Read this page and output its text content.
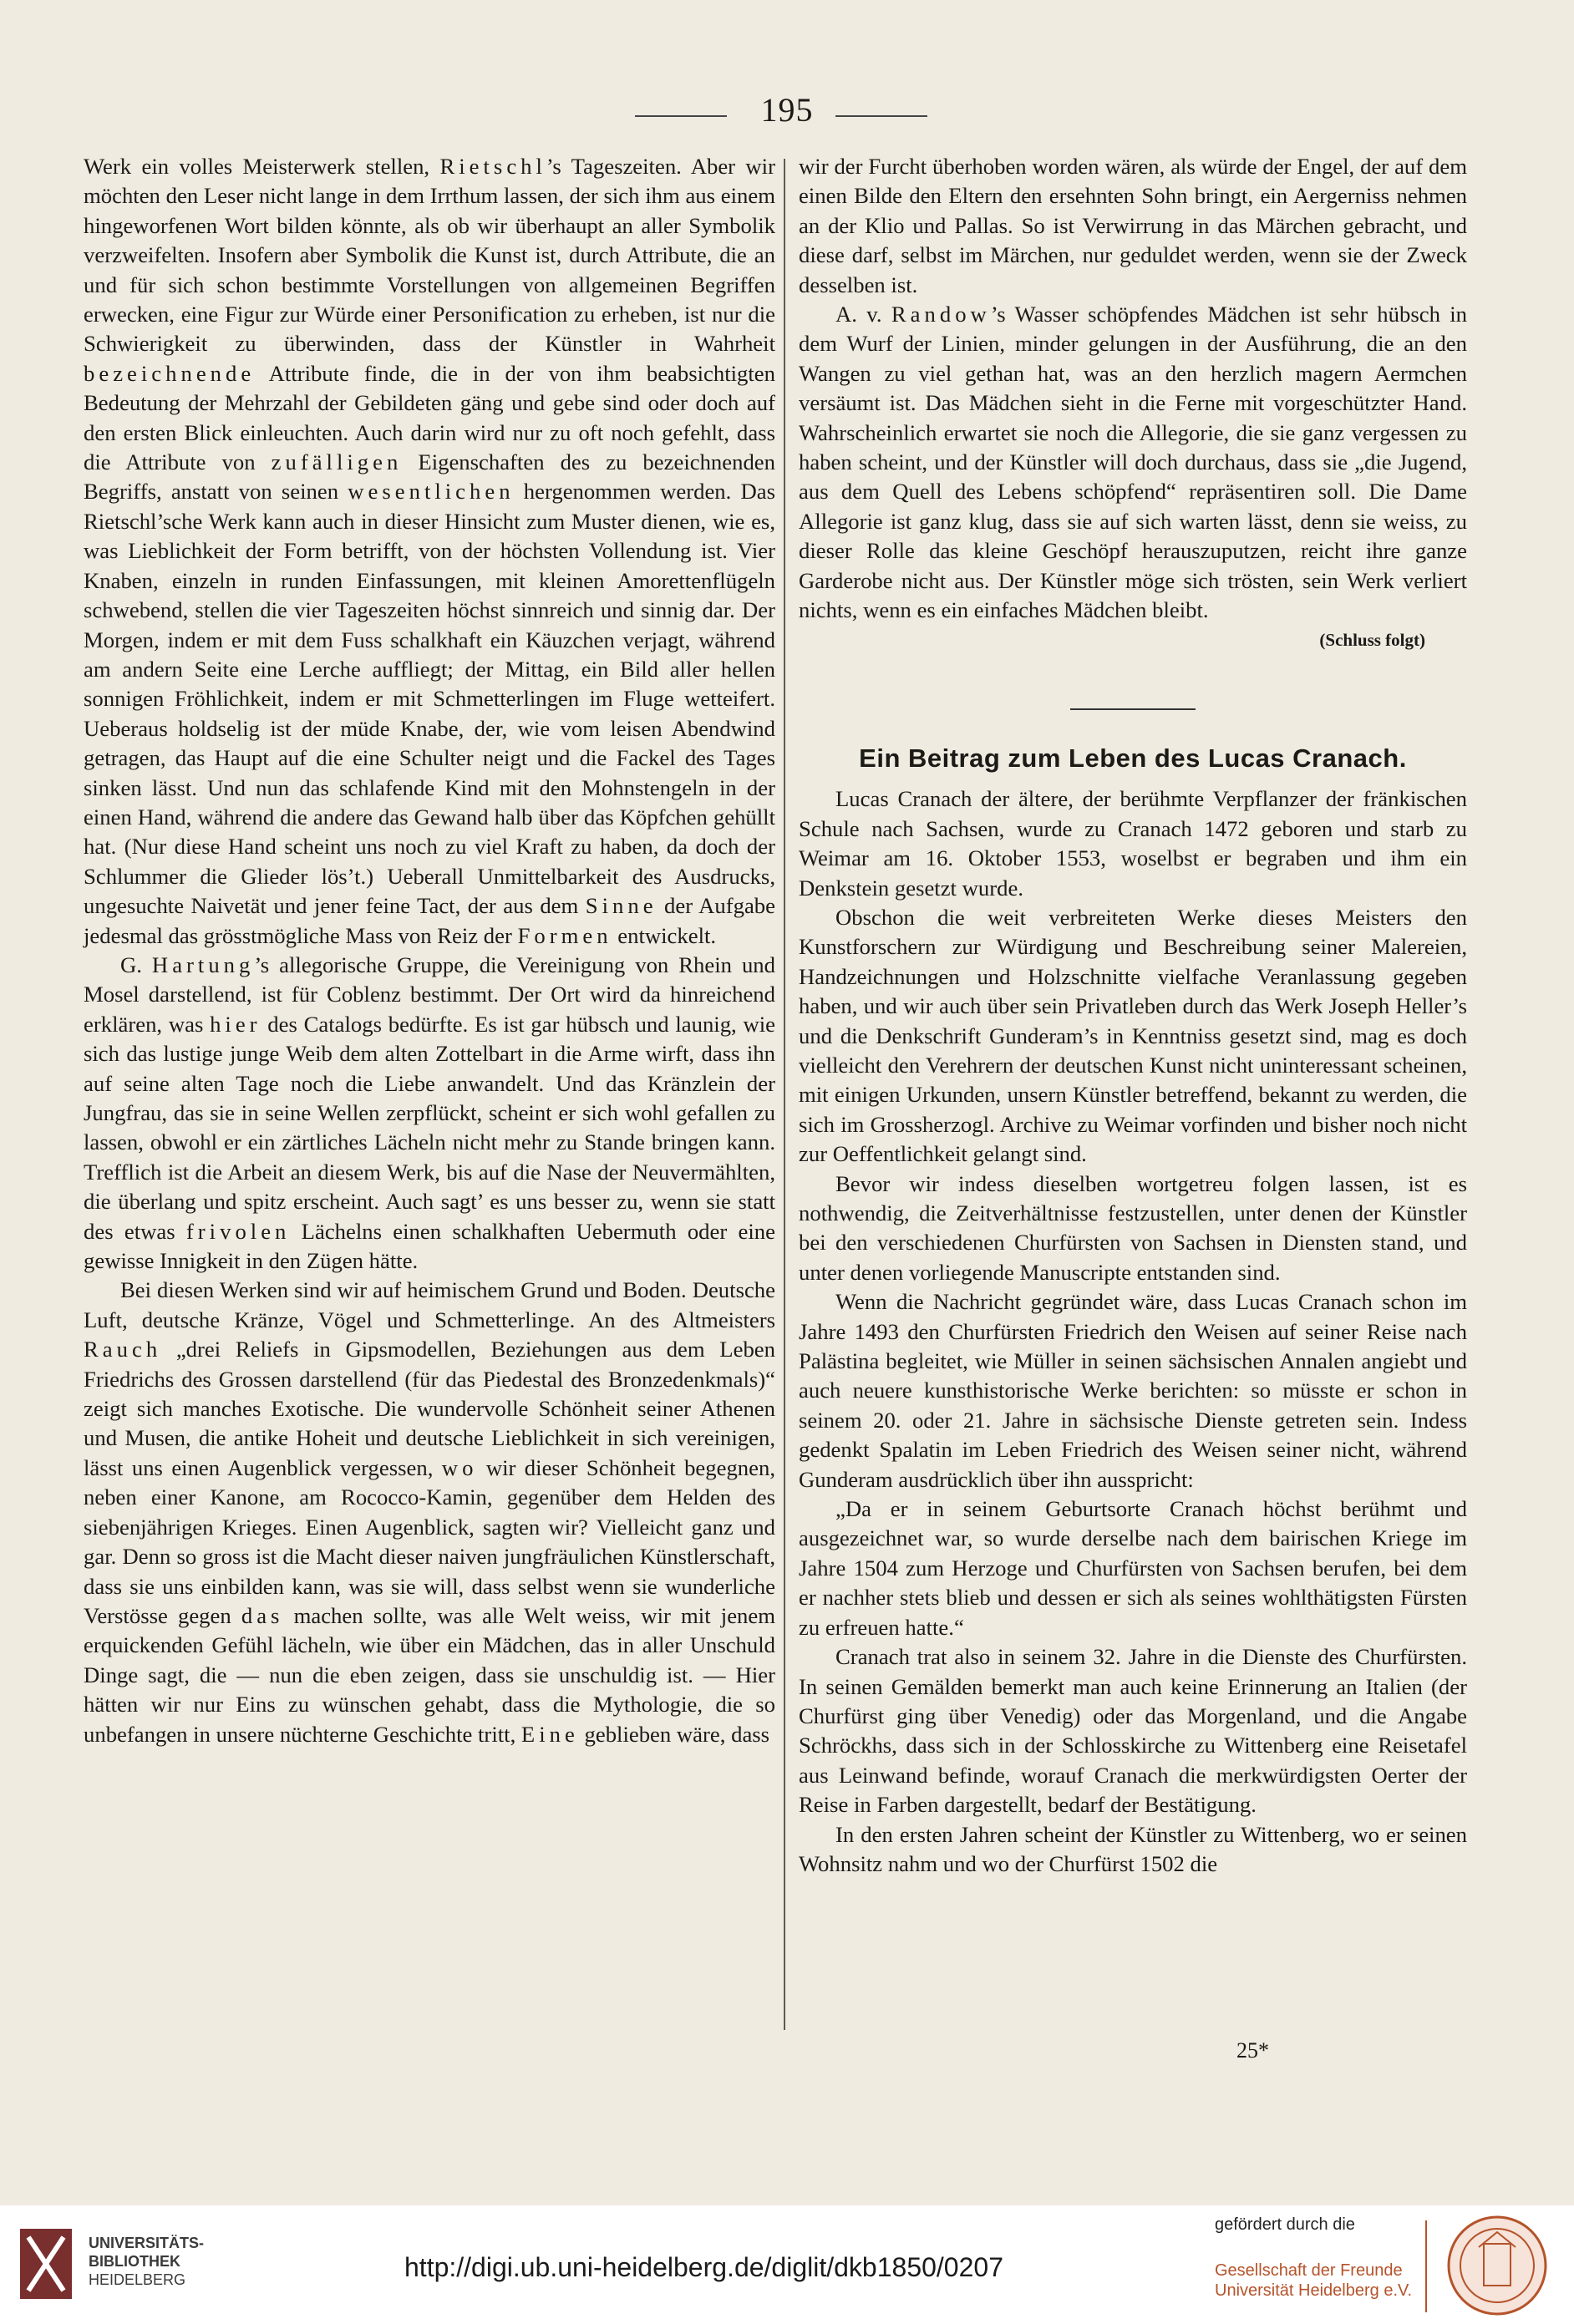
195

Werk ein volles Meisterwerk stellen, Rietschl’s Tageszeiten. Aber wir möchten den Leser nicht lange in dem Irrthum lassen, der sich ihm aus einem hingeworfenen Wort bilden könnte, als ob wir überhaupt an aller Symbolik verzweifelten. Insofern aber Symbolik die Kunst ist, durch Attribute, die an und für sich schon bestimmte Vorstellungen von allgemeinen Begriffen erwecken, eine Figur zur Würde einer Personification zu erheben, ist nur die Schwierigkeit zu überwinden, dass der Künstler in Wahrheit bezeichnende Attribute finde, die in der von ihm beabsichtigten Bedeutung der Mehrzahl der Gebildeten gäng und gebe sind oder doch auf den ersten Blick einleuchten. Auch darin wird nur zu oft noch gefehlt, dass die Attribute von zufälligen Eigenschaften des zu bezeichnenden Begriffs, anstatt von seinen wesentlichen hergenommen werden. Das Rietschl’sche Werk kann auch in dieser Hinsicht zum Muster dienen, wie es, was Lieblichkeit der Form betrifft, von der höchsten Vollendung ist. Vier Knaben, einzeln in runden Einfassungen, mit kleinen Amorettenflügeln schwebend, stellen die vier Tageszeiten höchst sinnreich und sinnig dar. Der Morgen, indem er mit dem Fuss schalkhaft ein Käuzchen verjagt, während am andern Seite eine Lerche auffliegt; der Mittag, ein Bild aller hellen sonnigen Fröhlichkeit, indem er mit Schmetterlingen im Fluge wetteifert. Ueberaus holdselig ist der müde Knabe, der, wie vom leisen Abendwind getragen, das Haupt auf die eine Schulter neigt und die Fackel des Tages sinken lässt. Und nun das schlafende Kind mit den Mohnstengeln in der einen Hand, während die andere das Gewand halb über das Köpfchen gehüllt hat. (Nur diese Hand scheint uns noch zu viel Kraft zu haben, da doch der Schlummer die Glieder lös’t.) Ueberall Unmittelbarkeit des Ausdrucks, ungesuchte Naivetät und jener feine Tact, der aus dem Sinne der Aufgabe jedesmal das grösstmögliche Mass von Reiz der Formen entwickelt.

G. Hartung’s allegorische Gruppe, die Vereinigung von Rhein und Mosel darstellend, ist für Coblenz bestimmt. Der Ort wird da hinreichend erklären, was hier des Catalogs bedürfte. Es ist gar hübsch und launig, wie sich das lustige junge Weib dem alten Zottelbart in die Arme wirft, dass ihn auf seine alten Tage noch die Liebe anwandelt. Und das Kränzlein der Jungfrau, das sie in seine Wellen zerpflückt, scheint er sich wohl gefallen zu lassen, obwohl er ein zärtliches Lächeln nicht mehr zu Stande bringen kann. Trefflich ist die Arbeit an diesem Werk, bis auf die Nase der Neuvermählten, die überlang und spitz erscheint. Auch sagt’ es uns besser zu, wenn sie statt des etwas frivolen Lächelns einen schalkhaften Uebermuth oder eine gewisse Innigkeit in den Zügen hätte.

Bei diesen Werken sind wir auf heimischem Grund und Boden. Deutsche Luft, deutsche Kränze, Vögel und Schmetterlinge. An des Altmeisters Rauch „drei Reliefs in Gipsmodellen, Beziehungen aus dem Leben Friedrichs des Grossen darstellend (für das Piedestal des Bronzedenkmals)“ zeigt sich manches Exotische. Die wundervolle Schönheit seiner Athenen und Musen, die antike Hoheit und deutsche Lieblichkeit in sich vereinigen, lässt uns einen Augenblick vergessen, wo wir dieser Schönheit begegnen, neben einer Kanone, am Rococco-Kamin, gegenüber dem Helden des siebenjährigen Krieges. Einen Augenblick, sagten wir? Vielleicht ganz und gar. Denn so gross ist die Macht dieser naiven jungfräulichen Künstlerschaft, dass sie uns einbilden kann, was sie will, dass selbst wenn sie wunderliche Verstösse gegen das machen sollte, was alle Welt weiss, wir mit jenem erquickenden Gefühl lächeln, wie über ein Mädchen, das in aller Unschuld Dinge sagt, die — nun die eben zeigen, dass sie unschuldig ist. — Hier hätten wir nur Eins zu wünschen gehabt, dass die Mythologie, die so unbefangen in unsere nüchterne Geschichte tritt, Eine geblieben wäre, dass

wir der Furcht überhoben worden wären, als würde der Engel, der auf dem einen Bilde den Eltern den ersehnten Sohn bringt, ein Aergerniss nehmen an der Klio und Pallas. So ist Verwirrung in das Märchen gebracht, und diese darf, selbst im Märchen, nur geduldet werden, wenn sie der Zweck desselben ist.

A. v. Randow’s Wasser schöpfendes Mädchen ist sehr hübsch in dem Wurf der Linien, minder gelungen in der Ausführung, die an den Wangen zu viel gethan hat, was an den herzlich magern Aermchen versäumt ist. Das Mädchen sieht in die Ferne mit vorgeschützter Hand. Wahrscheinlich erwartet sie noch die Allegorie, die sie ganz vergessen zu haben scheint, und der Künstler will doch durchaus, dass sie „die Jugend, aus dem Quell des Lebens schöpfend“ repräsentiren soll. Die Dame Allegorie ist ganz klug, dass sie auf sich warten lässt, denn sie weiss, zu dieser Rolle das kleine Geschöpf herauszuputzen, reicht ihre ganze Garderobe nicht aus. Der Künstler möge sich trösten, sein Werk verliert nichts, wenn es ein einfaches Mädchen bleibt.

(Schluss folgt)
Ein Beitrag zum Leben des Lucas Cranach.

Lucas Cranach der ältere, der berühmte Verpflanzer der fränkischen Schule nach Sachsen, wurde zu Cranach 1472 geboren und starb zu Weimar am 16. Oktober 1553, woselbst er begraben und ihm ein Denkstein gesetzt wurde.

Obschon die weit verbreiteten Werke dieses Meisters den Kunstforschern zur Würdigung und Beschreibung seiner Malereien, Handzeichnungen und Holzschnitte vielfache Veranlassung gegeben haben, und wir auch über sein Privatleben durch das Werk Joseph Heller’s und die Denkschrift Gunderam’s in Kenntniss gesetzt sind, mag es doch vielleicht den Verehrern der deutschen Kunst nicht uninteressant scheinen, mit einigen Urkunden, unsern Künstler betreffend, bekannt zu werden, die sich im Grossherzogl. Archive zu Weimar vorfinden und bisher noch nicht zur Oeffentlichkeit gelangt sind.

Bevor wir indess dieselben wortgetreu folgen lassen, ist es nothwendig, die Zeitverhältnisse festzustellen, unter denen der Künstler bei den verschiedenen Churfürsten von Sachsen in Diensten stand, und unter denen vorliegende Manuscripte entstanden sind.

Wenn die Nachricht gegründet wäre, dass Lucas Cranach schon im Jahre 1493 den Churfürsten Friedrich den Weisen auf seiner Reise nach Palästina begleitet, wie Müller in seinen sächsischen Annalen angiebt und auch neuere kunsthistorische Werke berichten: so müsste er schon in seinem 20. oder 21. Jahre in sächsische Dienste getreten sein. Indess gedenkt Spalatin im Leben Friedrich des Weisen seiner nicht, während Gunderam ausdrücklich über ihn ausspricht:

„Da er in seinem Geburtsorte Cranach höchst berühmt und ausgezeichnet war, so wurde derselbe nach dem bairischen Kriege im Jahre 1504 zum Herzoge und Churfürsten von Sachsen berufen, bei dem er nachher stets blieb und dessen er sich als seines wohlthätigsten Fürsten zu erfreuen hatte.“

Cranach trat also in seinem 32. Jahre in die Dienste des Churfürsten. In seinen Gemälden bemerkt man auch keine Erinnerung an Italien (der Churfürst ging über Venedig) oder das Morgenland, und die Angabe Schröckhs, dass sich in der Schlosskirche zu Wittenberg eine Reisetafel aus Leinwand befinde, worauf Cranach die merkwürdigsten Oerter der Reise in Farben dargestellt, bedarf der Bestätigung.

In den ersten Jahren scheint der Künstler zu Wittenberg, wo er seinen Wohnsitz nahm und wo der Churfürst 1502 die

25*
UNIVERSITÄTS-
BIBLIOTHEK
HEIDELBERG	http://digi.ub.uni-heidelberg.de/diglit/dkb1850/0207
gefördert durch die
Gesellschaft der Freunde
Universität Heidelberg e.V.
